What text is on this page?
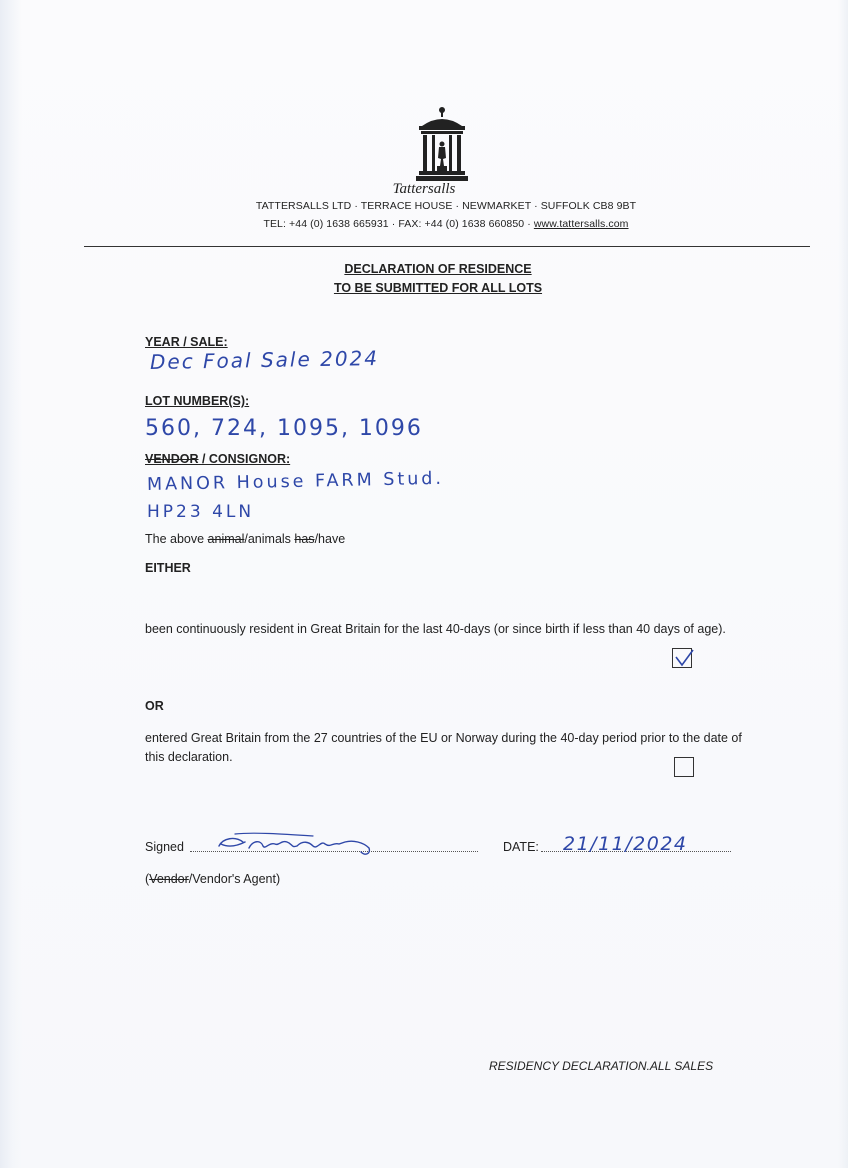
Tattersalls
TATTERSALLS LTD · TERRACE HOUSE · NEWMARKET · SUFFOLK CB8 9BT
TEL: +44 (0) 1638 665931 · FAX: +44 (0) 1638 660850 · www.tattersalls.com
DECLARATION OF RESIDENCE
TO BE SUBMITTED FOR ALL LOTS
YEAR / SALE:
Dec Foal Sale 2024
LOT NUMBER(S):
560, 724, 1095, 1096
VENDOR / CONSIGNOR:
MANOR House FARM Stud.
HP23 4LN
The above animal/animals has/have
EITHER
been continuously resident in Great Britain for the last 40-days (or since birth if less than 40 days of age).
OR
entered Great Britain from the 27 countries of the EU or Norway during the 40-day period prior to the date of this declaration.
Signed	DATE: 21/11/2024
(Vendor/Vendor's Agent)
RESIDENCY DECLARATION.ALL SALES
